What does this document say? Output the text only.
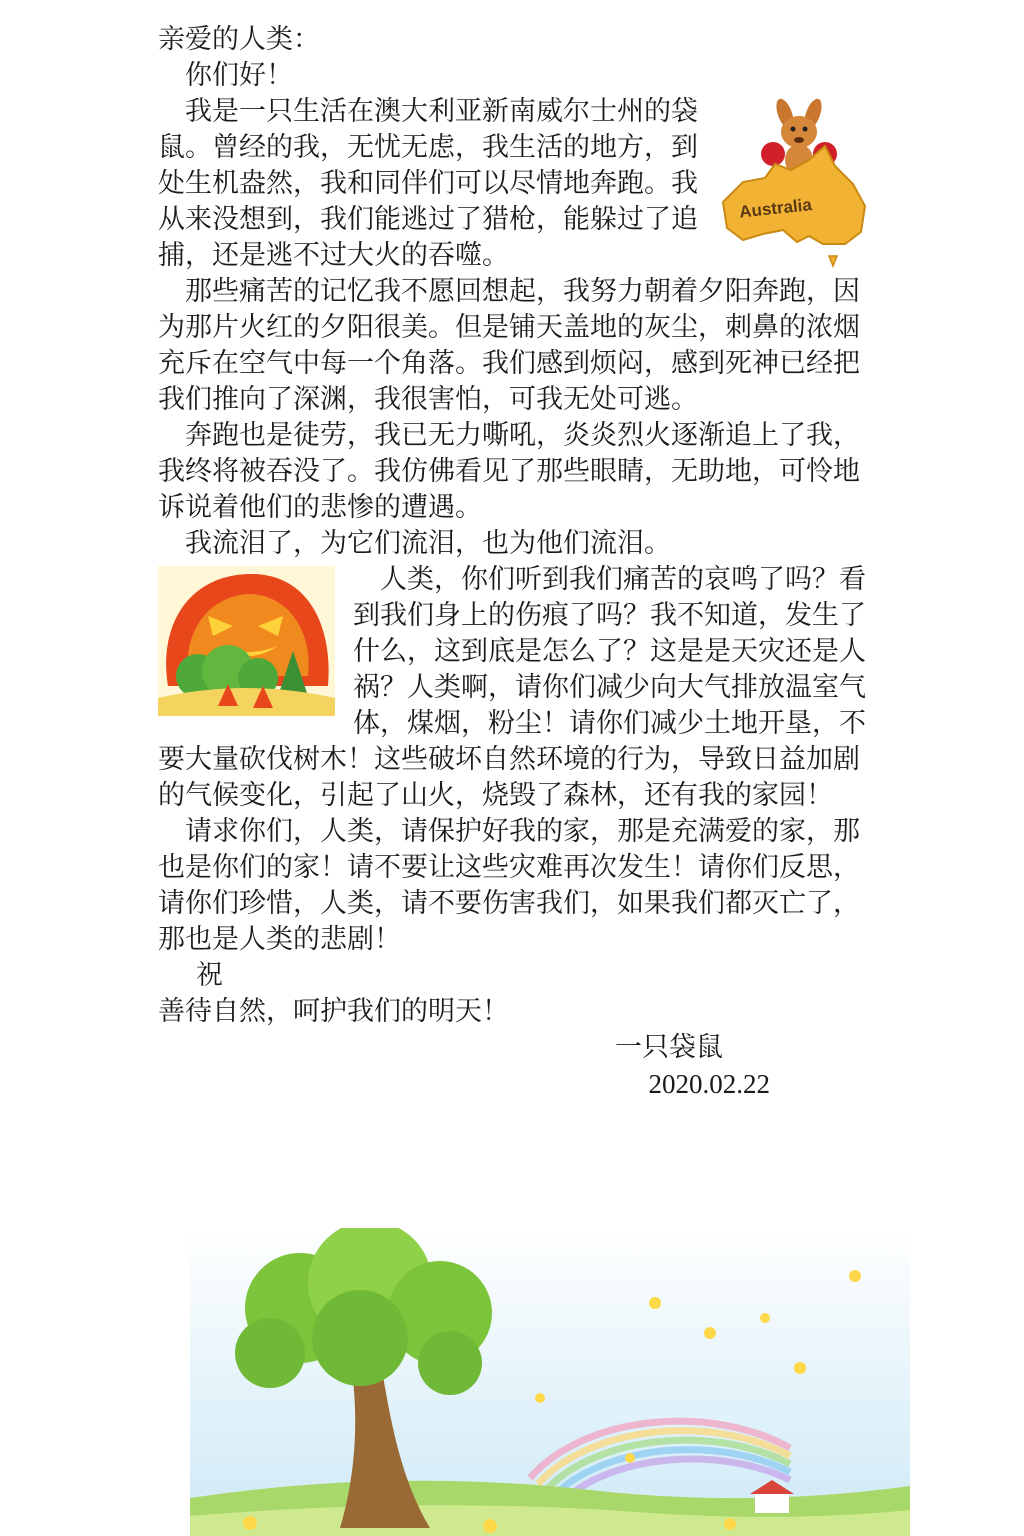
亲爱的人类：

你们好！

Australia

我是一只生活在澳大利亚新南威尔士州的袋鼠。曾经的我，无忧无虑，我生活的地方，到处生机盎然，我和同伴们可以尽情地奔跑。我从来没想到，我们能逃过了猎枪，能躲过了追捕，还是逃不过大火的吞噬。

那些痛苦的记忆我不愿回想起，我努力朝着夕阳奔跑，因为那片火红的夕阳很美。但是铺天盖地的灰尘，刺鼻的浓烟充斥在空气中每一个角落。我们感到烦闷，感到死神已经把我们推向了深渊，我很害怕，可我无处可逃。

奔跑也是徒劳，我已无力嘶吼，炎炎烈火逐渐追上了我，我终将被吞没了。我仿佛看见了那些眼睛，无助地，可怜地诉说着他们的悲惨的遭遇。

我流泪了，为它们流泪，也为他们流泪。

人类，你们听到我们痛苦的哀鸣了吗？看到我们身上的伤痕了吗？我不知道，发生了什么，这到底是怎么了？这是是天灾还是人祸？人类啊，请你们减少向大气排放温室气体，煤烟，粉尘！请你们减少土地开垦，不要大量砍伐树木！这些破坏自然环境的行为，导致日益加剧的气候变化，引起了山火，烧毁了森林，还有我的家园！

请求你们，人类，请保护好我的家，那是充满爱的家，那也是你们的家！请不要让这些灾难再次发生！请你们反思，请你们珍惜，人类，请不要伤害我们，如果我们都灭亡了，那也是人类的悲剧！

祝

善待自然，呵护我们的明天！

一只袋鼠

2020.02.22
